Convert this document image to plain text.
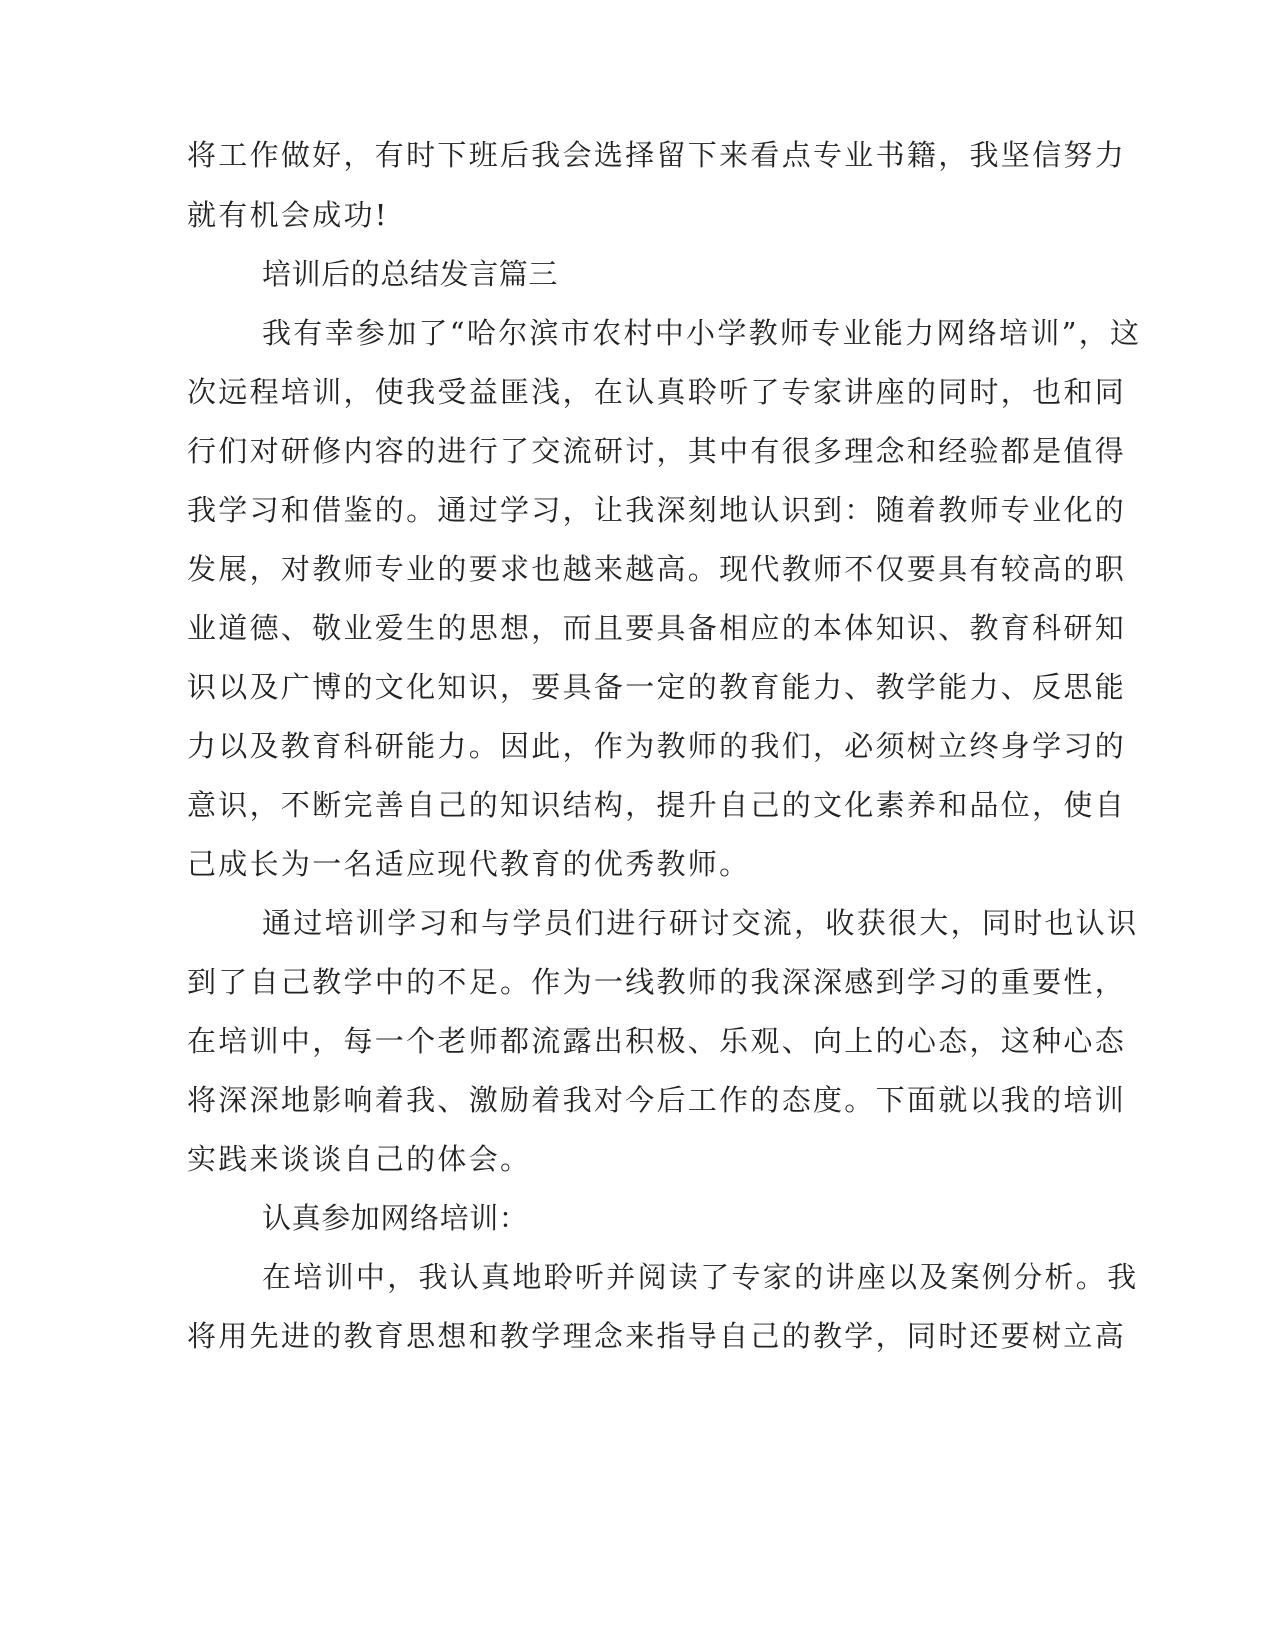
将工作做好，有时下班后我会选择留下来看点专业书籍，我坚信努力
就有机会成功!
培训后的总结发言篇三
我有幸参加了“哈尔滨市农村中小学教师专业能力网络培训”，这
次远程培训，使我受益匪浅，在认真聆听了专家讲座的同时，也和同
行们对研修内容的进行了交流研讨，其中有很多理念和经验都是值得
我学习和借鉴的。通过学习，让我深刻地认识到：随着教师专业化的
发展，对教师专业的要求也越来越高。现代教师不仅要具有较高的职
业道德、敬业爱生的思想，而且要具备相应的本体知识、教育科研知
识以及广博的文化知识，要具备一定的教育能力、教学能力、反思能
力以及教育科研能力。因此，作为教师的我们，必须树立终身学习的
意识，不断完善自己的知识结构，提升自己的文化素养和品位，使自
己成长为一名适应现代教育的优秀教师。
通过培训学习和与学员们进行研讨交流，收获很大，同时也认识
到了自己教学中的不足。作为一线教师的我深深感到学习的重要性，
在培训中，每一个老师都流露出积极、乐观、向上的心态，这种心态
将深深地影响着我、激励着我对今后工作的态度。下面就以我的培训
实践来谈谈自己的体会。
认真参加网络培训：
在培训中，我认真地聆听并阅读了专家的讲座以及案例分析。我
将用先进的教育思想和教学理念来指导自己的教学，同时还要树立高
